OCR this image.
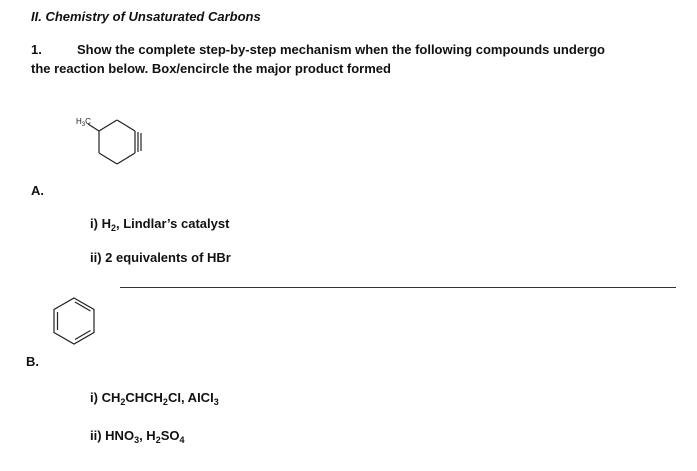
II. Chemistry of Unsaturated Carbons
1.	Show the complete step-by-step mechanism when the following compounds undergo
the reaction below. Box/encircle the major product formed
$H_3C$
A.
i) $H_2$, Lindlar’s catalyst
ii) 2 equivalents of HBr
B.
i) $CH_2CHCH_2CI$, $AICI_3$
ii) $HNO_3$, $H_2SO_4$
